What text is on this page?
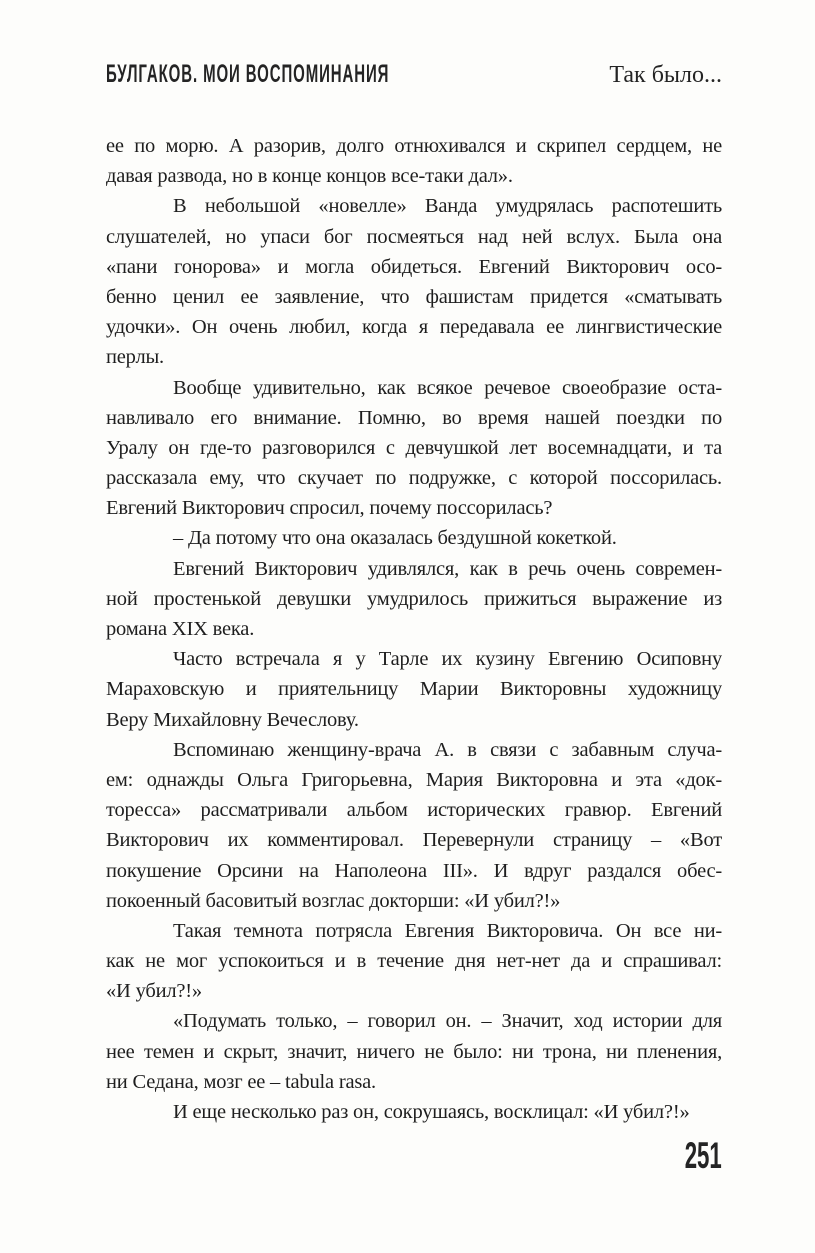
БУЛГАКОВ. МОИ ВОСПОМИНАНИЯ	Так было...
ее по морю. А разорив, долго отнюхивался и скрипел сердцем, не
давая развода, но в конце концов все-таки дал».
В небольшой «новелле» Ванда умудрялась распотешить
слушателей, но упаси бог посмеяться над ней вслух. Была она
«пани гонорова» и могла обидеться. Евгений Викторович осо-
бенно ценил ее заявление, что фашистам придется «сматывать
удочки». Он очень любил, когда я передавала ее лингвистические
перлы.
Вообще удивительно, как всякое речевое своеобразие оста-
навливало его внимание. Помню, во время нашей поездки по
Уралу он где-то разговорился с девчушкой лет восемнадцати, и та
рассказала ему, что скучает по подружке, с которой поссорилась.
Евгений Викторович спросил, почему поссорилась?
– Да потому что она оказалась бездушной кокеткой.
Евгений Викторович удивлялся, как в речь очень современ-
ной простенькой девушки умудрилось прижиться выражение из
романа XIX века.
Часто встречала я у Тарле их кузину Евгению Осиповну
Мараховскую и приятельницу Марии Викторовны художницу
Веру Михайловну Вечеслову.
Вспоминаю женщину-врача А. в связи с забавным случа-
ем: однажды Ольга Григорьевна, Мария Викторовна и эта «док-
торесса» рассматривали альбом исторических гравюр. Евгений
Викторович их комментировал. Перевернули страницу – «Вот
покушение Орсини на Наполеона III». И вдруг раздался обес-
покоенный басовитый возглас докторши: «И убил?!»
Такая темнота потрясла Евгения Викторовича. Он все ни-
как не мог успокоиться и в течение дня нет-нет да и спрашивал:
«И убил?!»
«Подумать только, – говорил он. – Значит, ход истории для
нее темен и скрыт, значит, ничего не было: ни трона, ни пленения,
ни Седана, мозг ее – tabula rasa.
И еще несколько раз он, сокрушаясь, восклицал: «И убил?!»
251
